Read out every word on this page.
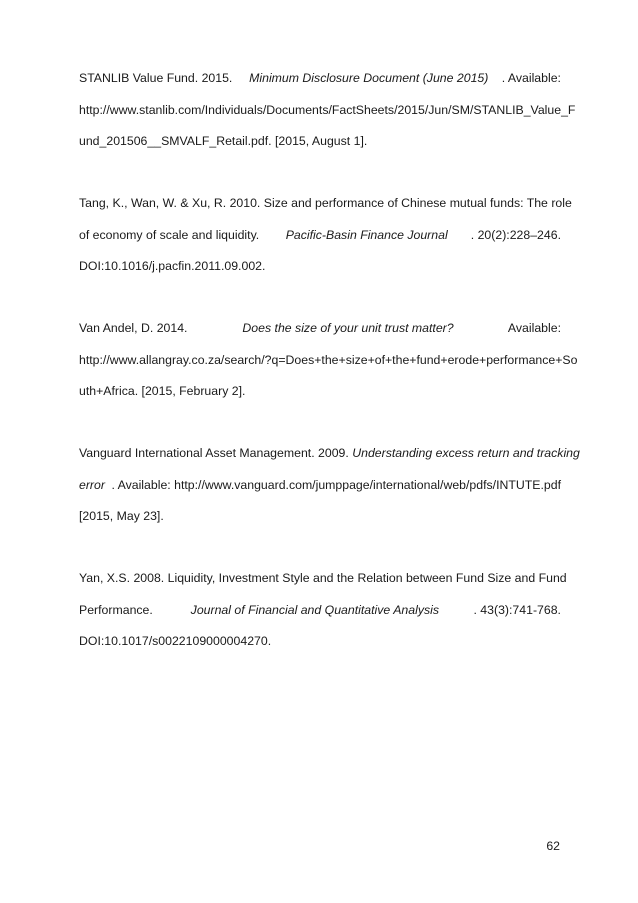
STANLIB Value Fund. 2015. Minimum Disclosure Document (June 2015) . Available:
http://www.stanlib.com/Individuals/Documents/FactSheets/2015/Jun/SM/STANLIB_Value_F
und_201506__SMVALF_Retail.pdf. [2015, August 1].
Tang, K., Wan, W. & Xu, R. 2010. Size and performance of Chinese mutual funds: The role
of economy of scale and liquidity. Pacific-Basin Finance Journal . 20(2):228–246.
DOI:10.1016/j.pacfin.2011.09.002.
Van Andel, D. 2014.	Does the size of your unit trust matter?	Available:
http://www.allangray.co.za/search/?q=Does+the+size+of+the+fund+erode+performance+So
uth+Africa. [2015, February 2].
Vanguard International Asset Management. 2009. Understanding excess return and tracking
error . Available: http://www.vanguard.com/jumppage/international/web/pdfs/INTUTE.pdf
[2015, May 23].
Yan, X.S. 2008. Liquidity, Investment Style and the Relation between Fund Size and Fund
Performance.	Journal of Financial and Quantitative Analysis	. 43(3):741-768.
DOI:10.1017/s0022109000004270.
62
